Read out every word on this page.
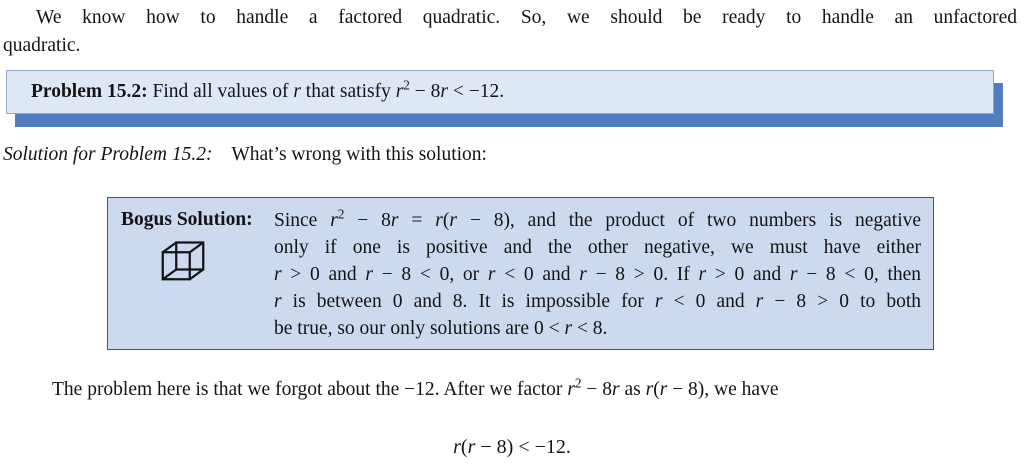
We know how to handle a factored quadratic. So, we should be ready to handle an unfactored
quadratic.
Problem 15.2: Find all values of r that satisfy $r^2 - 8r < -12$.
Solution for Problem 15.2: What’s wrong with this solution:
Bogus Solution:	Since $r^2 - 8r = r(r - 8)$, and the product of two numbers is negative
only if one is positive and the other negative, we must have either
r > 0 and r − 8 < 0, or r < 0 and r − 8 > 0. If r > 0 and r − 8 < 0, then
r is between 0 and 8. It is impossible for r < 0 and r − 8 > 0 to both
be true, so our only solutions are 0 < r < 8.
The problem here is that we forgot about the −12. After we factor $r^2 - 8r$ as r(r − 8), we have
r(r − 8) < −12.
